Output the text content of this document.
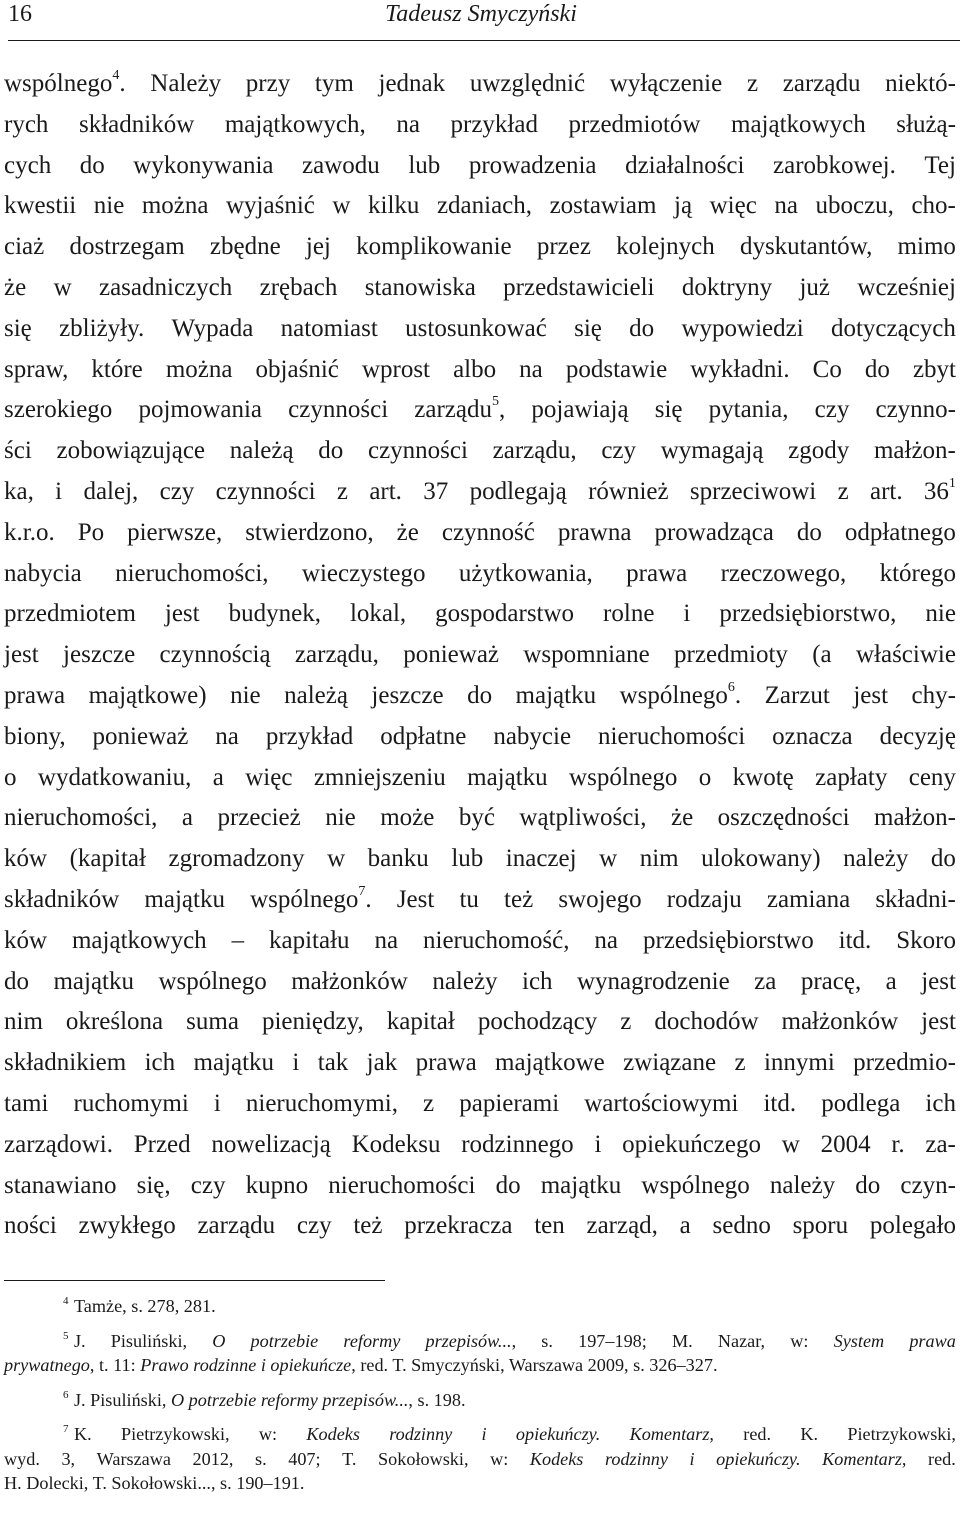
16	Tadeusz Smyczyński
wspólnego$^4$. Należy przy tym jednak uwzględnić wyłączenie z zarządu niektó-
rych składników majątkowych, na przykład przedmiotów majątkowych służą-
cych do wykonywania zawodu lub prowadzenia działalności zarobkowej. Tej
kwestii nie można wyjaśnić w kilku zdaniach, zostawiam ją więc na uboczu, cho-
ciaż dostrzegam zbędne jej komplikowanie przez kolejnych dyskutantów, mimo
że w zasadniczych zrębach stanowiska przedstawicieli doktryny już wcześniej
się zbliżyły. Wypada natomiast ustosunkować się do wypowiedzi dotyczących
spraw, które można objaśnić wprost albo na podstawie wykładni. Co do zbyt
szerokiego pojmowania czynności zarządu$^5$, pojawiają się pytania, czy czynno-
ści zobowiązujące należą do czynności zarządu, czy wymagają zgody małżon-
ka, i dalej, czy czynności z art. 37 podlegają również sprzeciwowi z art. $36^1$
k.r.o. Po pierwsze, stwierdzono, że czynność prawna prowadząca do odpłatnego
nabycia nieruchomości, wieczystego użytkowania, prawa rzeczowego, którego
przedmiotem jest budynek, lokal, gospodarstwo rolne i przedsiębiorstwo, nie
jest jeszcze czynnością zarządu, ponieważ wspomniane przedmioty (a właściwie
prawa majątkowe) nie należą jeszcze do majątku wspólnego$^6$. Zarzut jest chy-
biony, ponieważ na przykład odpłatne nabycie nieruchomości oznacza decyzję
o wydatkowaniu, a więc zmniejszeniu majątku wspólnego o kwotę zapłaty ceny
nieruchomości, a przecież nie może być wątpliwości, że oszczędności małżon-
ków (kapitał zgromadzony w banku lub inaczej w nim ulokowany) należy do
składników majątku wspólnego$^7$. Jest tu też swojego rodzaju zamiana składni-
ków majątkowych – kapitału na nieruchomość, na przedsiębiorstwo itd. Skoro
do majątku wspólnego małżonków należy ich wynagrodzenie za pracę, a jest
nim określona suma pieniędzy, kapitał pochodzący z dochodów małżonków jest
składnikiem ich majątku i tak jak prawa majątkowe związane z innymi przedmio-
tami ruchomymi i nieruchomymi, z papierami wartościowymi itd. podlega ich
zarządowi. Przed nowelizacją Kodeksu rodzinnego i opiekuńczego w 2004 r. za-
stanawiano się, czy kupno nieruchomości do majątku wspólnego należy do czyn-
ności zwykłego zarządu czy też przekracza ten zarząd, a sedno sporu polegało
$^4$ Tamże, s. 278, 281.
$^5$ J. Pisuliński, O potrzebie reformy przepisów..., s. 197–198; M. Nazar, w: System prawa
prywatnego, t. 11: Prawo rodzinne i opiekuńcze, red. T. Smyczyński, Warszawa 2009, s. 326–327.
$^6$ J. Pisuliński, O potrzebie reformy przepisów..., s. 198.
$^7$ K. Pietrzykowski, w: Kodeks rodzinny i opiekuńczy. Komentarz, red. K. Pietrzykowski,
wyd. 3, Warszawa 2012, s. 407; T. Sokołowski, w: Kodeks rodzinny i opiekuńczy. Komentarz, red.
H. Dolecki, T. Sokołowski..., s. 190–191.
